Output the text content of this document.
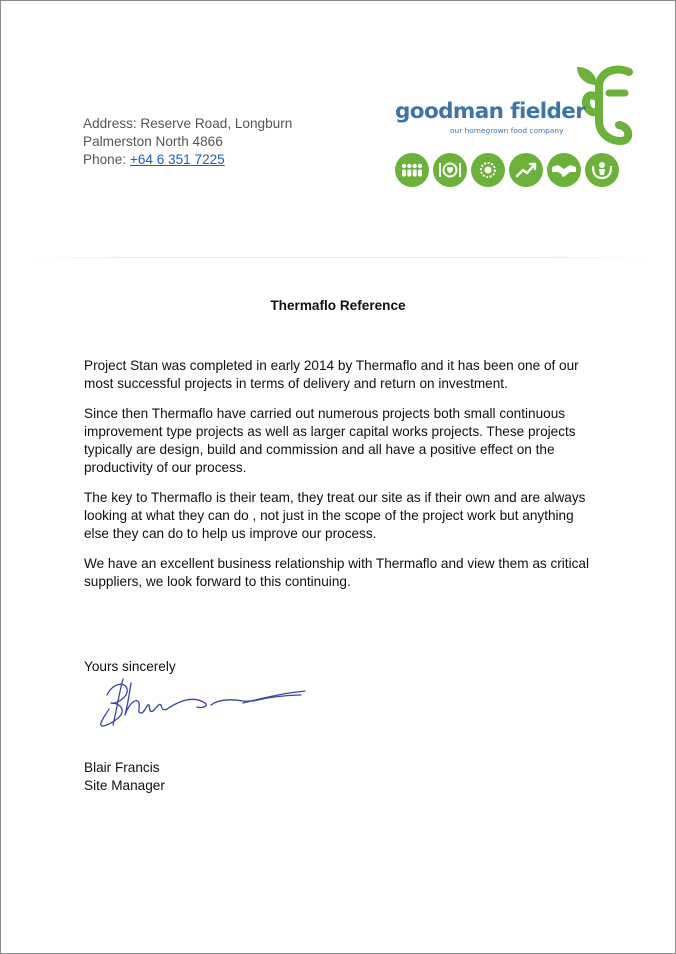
Address: Reserve Road, Longburn
Palmerston North 4866
Phone: +64 6 351 7225
goodman fielder
our homegrown food company
Thermaflo Reference

Project Stan was completed in early 2014 by Thermaflo and it has been one of our most successful projects in terms of delivery and return on investment.

Since then Thermaflo have carried out numerous projects both small continuous improvement type projects as well as larger capital works projects. These projects typically are design, build and commission and all have a positive effect on the productivity of our process.

The key to Thermaflo is their team, they treat our site as if their own and are always looking at what they can do , not just in the scope of the project work but anything else they can do to help us improve our process.

We have an excellent business relationship with Thermaflo and view them as critical suppliers, we look forward to this continuing.

Yours sincerely
Blair Francis
Site Manager
